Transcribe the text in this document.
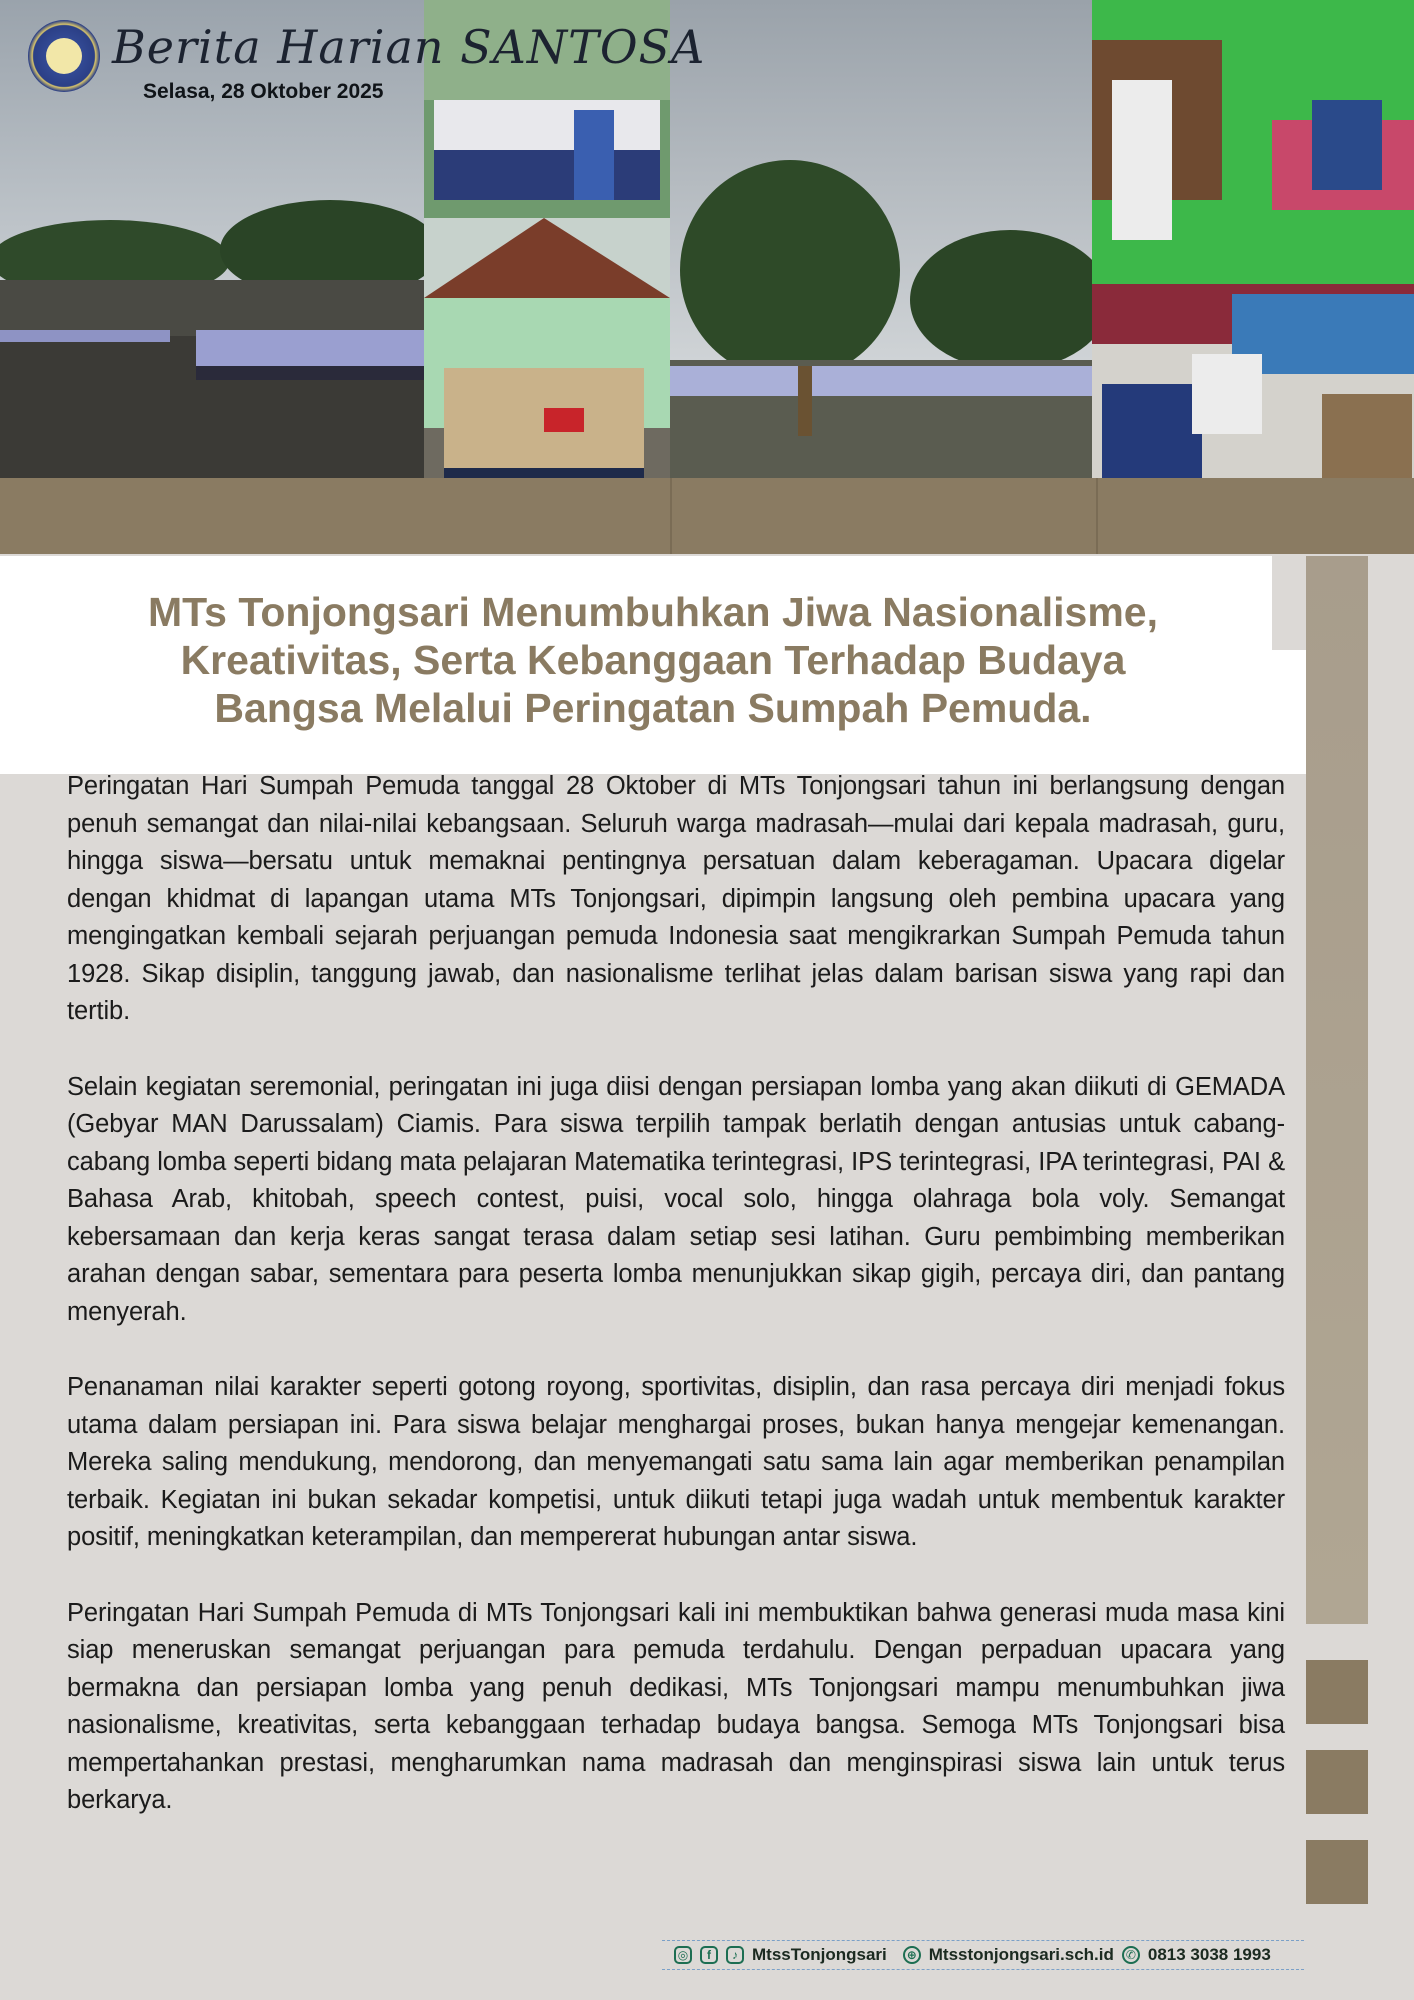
Berita Harian SANTOSA
Selasa, 28 Oktober 2025
MTs Tonjongsari Menumbuhkan Jiwa Nasionalisme,
Kreativitas, Serta Kebanggaan Terhadap Budaya
Bangsa Melalui Peringatan Sumpah Pemuda.

Peringatan Hari Sumpah Pemuda tanggal 28 Oktober di MTs Tonjongsari tahun ini berlangsung dengan penuh semangat dan nilai-nilai kebangsaan. Seluruh warga madrasah—mulai dari kepala madrasah, guru, hingga siswa—bersatu untuk memaknai pentingnya persatuan dalam keberagaman. Upacara digelar dengan khidmat di lapangan utama MTs Tonjongsari, dipimpin langsung oleh pembina upacara yang mengingatkan kembali sejarah perjuangan pemuda Indonesia saat mengikrarkan Sumpah Pemuda tahun 1928. Sikap disiplin, tanggung jawab, dan nasionalisme terlihat jelas dalam barisan siswa yang rapi dan tertib.

Selain kegiatan seremonial, peringatan ini juga diisi dengan persiapan lomba yang akan diikuti di GEMADA (Gebyar MAN Darussalam) Ciamis. Para siswa terpilih tampak berlatih dengan antusias untuk cabang-cabang lomba seperti bidang mata pelajaran Matematika terintegrasi, IPS terintegrasi, IPA terintegrasi, PAI & Bahasa Arab, khitobah, speech contest, puisi, vocal solo, hingga olahraga bola voly. Semangat kebersamaan dan kerja keras sangat terasa dalam setiap sesi latihan. Guru pembimbing memberikan arahan dengan sabar, sementara para peserta lomba menunjukkan sikap gigih, percaya diri, dan pantang menyerah.

Penanaman nilai karakter seperti gotong royong, sportivitas, disiplin, dan rasa percaya diri menjadi fokus utama dalam persiapan ini. Para siswa belajar menghargai proses, bukan hanya mengejar kemenangan. Mereka saling mendukung, mendorong, dan menyemangati satu sama lain agar memberikan penampilan terbaik. Kegiatan ini bukan sekadar kompetisi, untuk diikuti tetapi juga wadah untuk membentuk karakter positif, meningkatkan keterampilan, dan mempererat hubungan antar siswa.

Peringatan Hari Sumpah Pemuda di MTs Tonjongsari kali ini membuktikan bahwa generasi muda masa kini siap meneruskan semangat perjuangan para pemuda terdahulu. Dengan perpaduan upacara yang bermakna dan persiapan lomba yang penuh dedikasi, MTs Tonjongsari mampu menumbuhkan jiwa nasionalisme, kreativitas, serta kebanggaan terhadap budaya bangsa. Semoga MTs Tonjongsari bisa mempertahankan prestasi, mengharumkan nama madrasah dan menginspirasi siswa lain untuk terus berkarya.

◎	f	♪ MtssTonjongsari	⊕ Mtsstonjongsari.sch.id ✆ 0813 3038 1993
